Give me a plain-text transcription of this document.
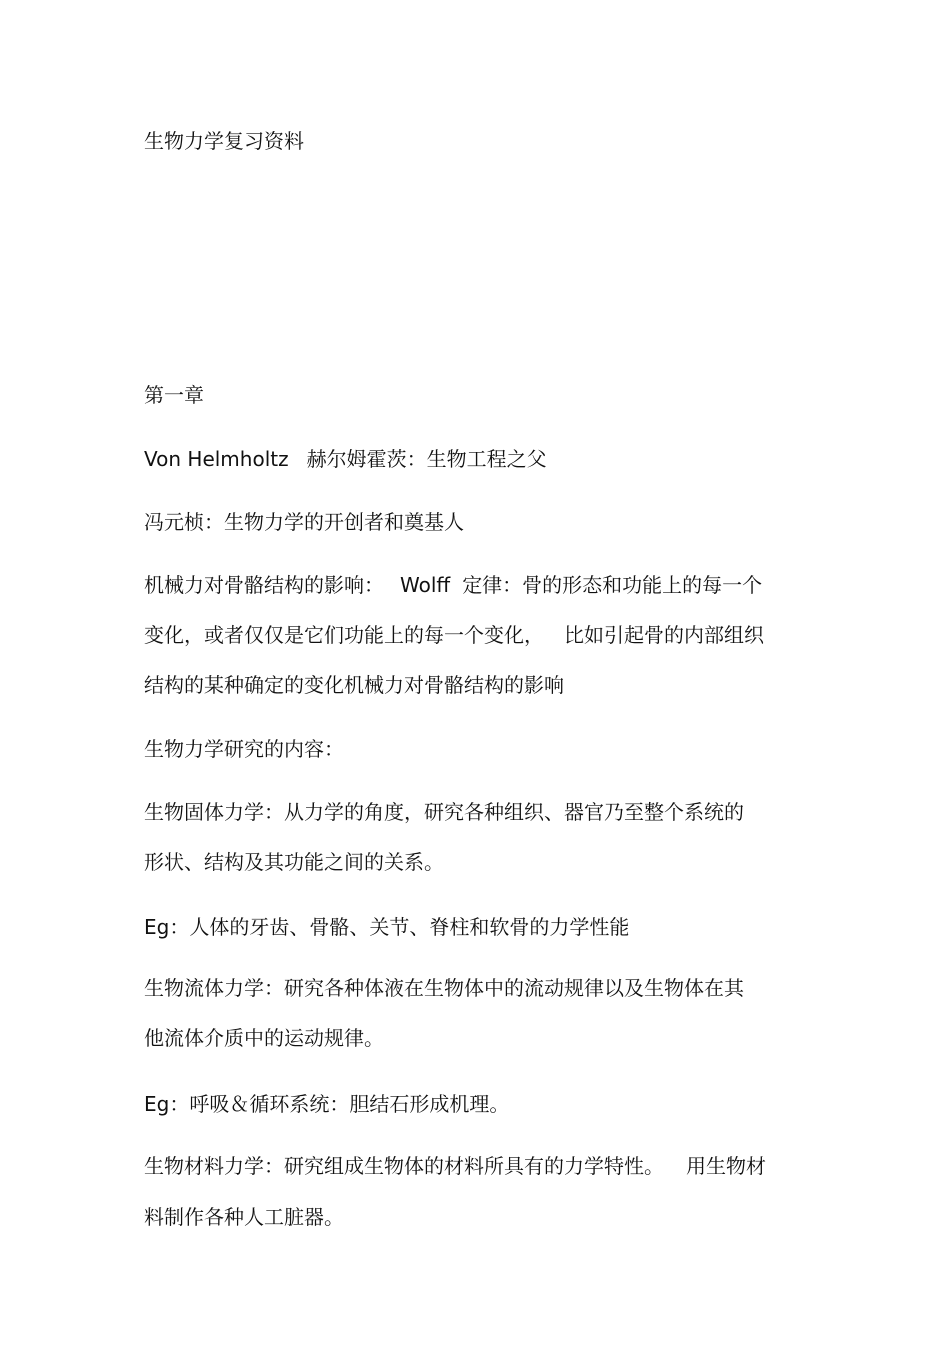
生物力学复习资料
第一章
Von Helmholtz 赫尔姆霍茨：生物工程之父
冯元桢：生物力学的开创者和奠基人
机械力对骨骼结构的影响： Wolff 定律：骨的形态和功能上的每一个
变化，或者仅仅是它们功能上的每一个变化， 比如引起骨的内部组织
结构的某种确定的变化机械力对骨骼结构的影响
生物力学研究的内容：
生物固体力学：从力学的角度，研究各种组织、器官乃至整个系统的
形状、结构及其功能之间的关系。
Eg：人体的牙齿、骨骼、关节、脊柱和软骨的力学性能
生物流体力学：研究各种体液在生物体中的流动规律以及生物体在其
他流体介质中的运动规律。
Eg：呼吸＆循环系统：胆结石形成机理。
生物材料力学：研究组成生物体的材料所具有的力学特性。 用生物材
料制作各种人工脏器。
